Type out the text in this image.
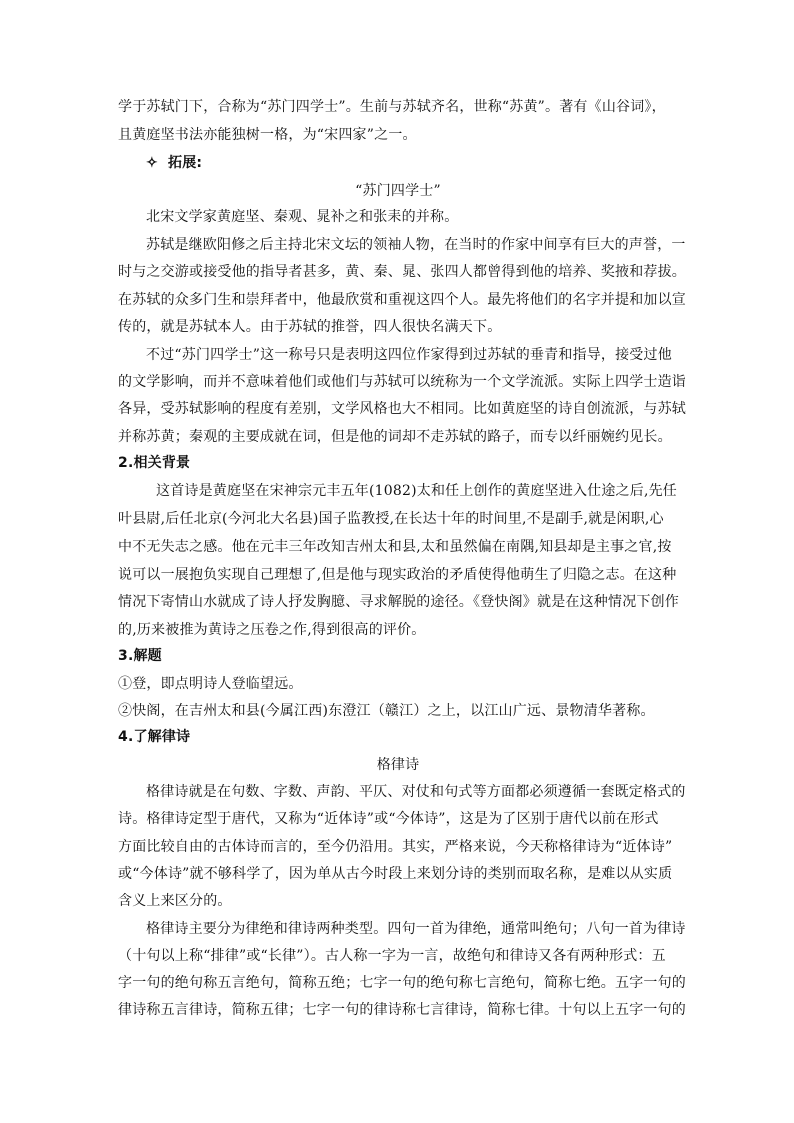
学于苏轼门下，合称为“苏门四学士”。生前与苏轼齐名，世称“苏黄”。著有《山谷词》，
且黄庭坚书法亦能独树一格，为“宋四家”之一。
✧ 拓展:
“苏门四学士”
北宋文学家黄庭坚、秦观、晁补之和张耒的并称。
苏轼是继欧阳修之后主持北宋文坛的领袖人物，在当时的作家中间享有巨大的声誉，一
时与之交游或接受他的指导者甚多，黄、秦、晁、张四人都曾得到他的培养、奖掖和荐拔。
在苏轼的众多门生和崇拜者中，他最欣赏和重视这四个人。最先将他们的名字并提和加以宣
传的，就是苏轼本人。由于苏轼的推誉，四人很快名满天下。
不过“苏门四学士”这一称号只是表明这四位作家得到过苏轼的垂青和指导，接受过他
的文学影响，而并不意味着他们或他们与苏轼可以统称为一个文学流派。实际上四学士造诣
各异，受苏轼影响的程度有差别，文学风格也大不相同。比如黄庭坚的诗自创流派，与苏轼
并称苏黄；秦观的主要成就在词，但是他的词却不走苏轼的路子，而专以纤丽婉约见长。
2.相关背景
这首诗是黄庭坚在宋神宗元丰五年(1082)太和任上创作的黄庭坚进入仕途之后,先任
叶县尉,后任北京(今河北大名县)国子监教授,在长达十年的时间里,不是副手,就是闲职,心
中不无失志之感。他在元丰三年改知吉州太和县,太和虽然偏在南隅,知县却是主事之官,按
说可以一展抱负实现自己理想了,但是他与现实政治的矛盾使得他萌生了归隐之志。在这种
情况下寄情山水就成了诗人抒发胸臆、寻求解脱的途径。《登快阁》就是在这种情况下创作
的,历来被推为黄诗之压卷之作,得到很高的评价。
3.解题
①登，即点明诗人登临望远。
②快阁，在吉州太和县(今属江西)东澄江（赣江）之上，以江山广远、景物清华著称。
4.了解律诗
格律诗
格律诗就是在句数、字数、声韵、平仄、对仗和句式等方面都必须遵循一套既定格式的
诗。格律诗定型于唐代，又称为“近体诗”或“今体诗”，这是为了区别于唐代以前在形式
方面比较自由的古体诗而言的，至今仍沿用。其实，严格来说，今天称格律诗为“近体诗”
或“今体诗”就不够科学了，因为单从古今时段上来划分诗的类别而取名称，是难以从实质
含义上来区分的。
格律诗主要分为律绝和律诗两种类型。四句一首为律绝，通常叫绝句；八句一首为律诗
（十句以上称“排律”或“长律”）。古人称一字为一言，故绝句和律诗又各有两种形式：五
字一句的绝句称五言绝句，简称五绝；七字一句的绝句称七言绝句，简称七绝。五字一句的
律诗称五言律诗，简称五律；七字一句的律诗称七言律诗，简称七律。十句以上五字一句的
